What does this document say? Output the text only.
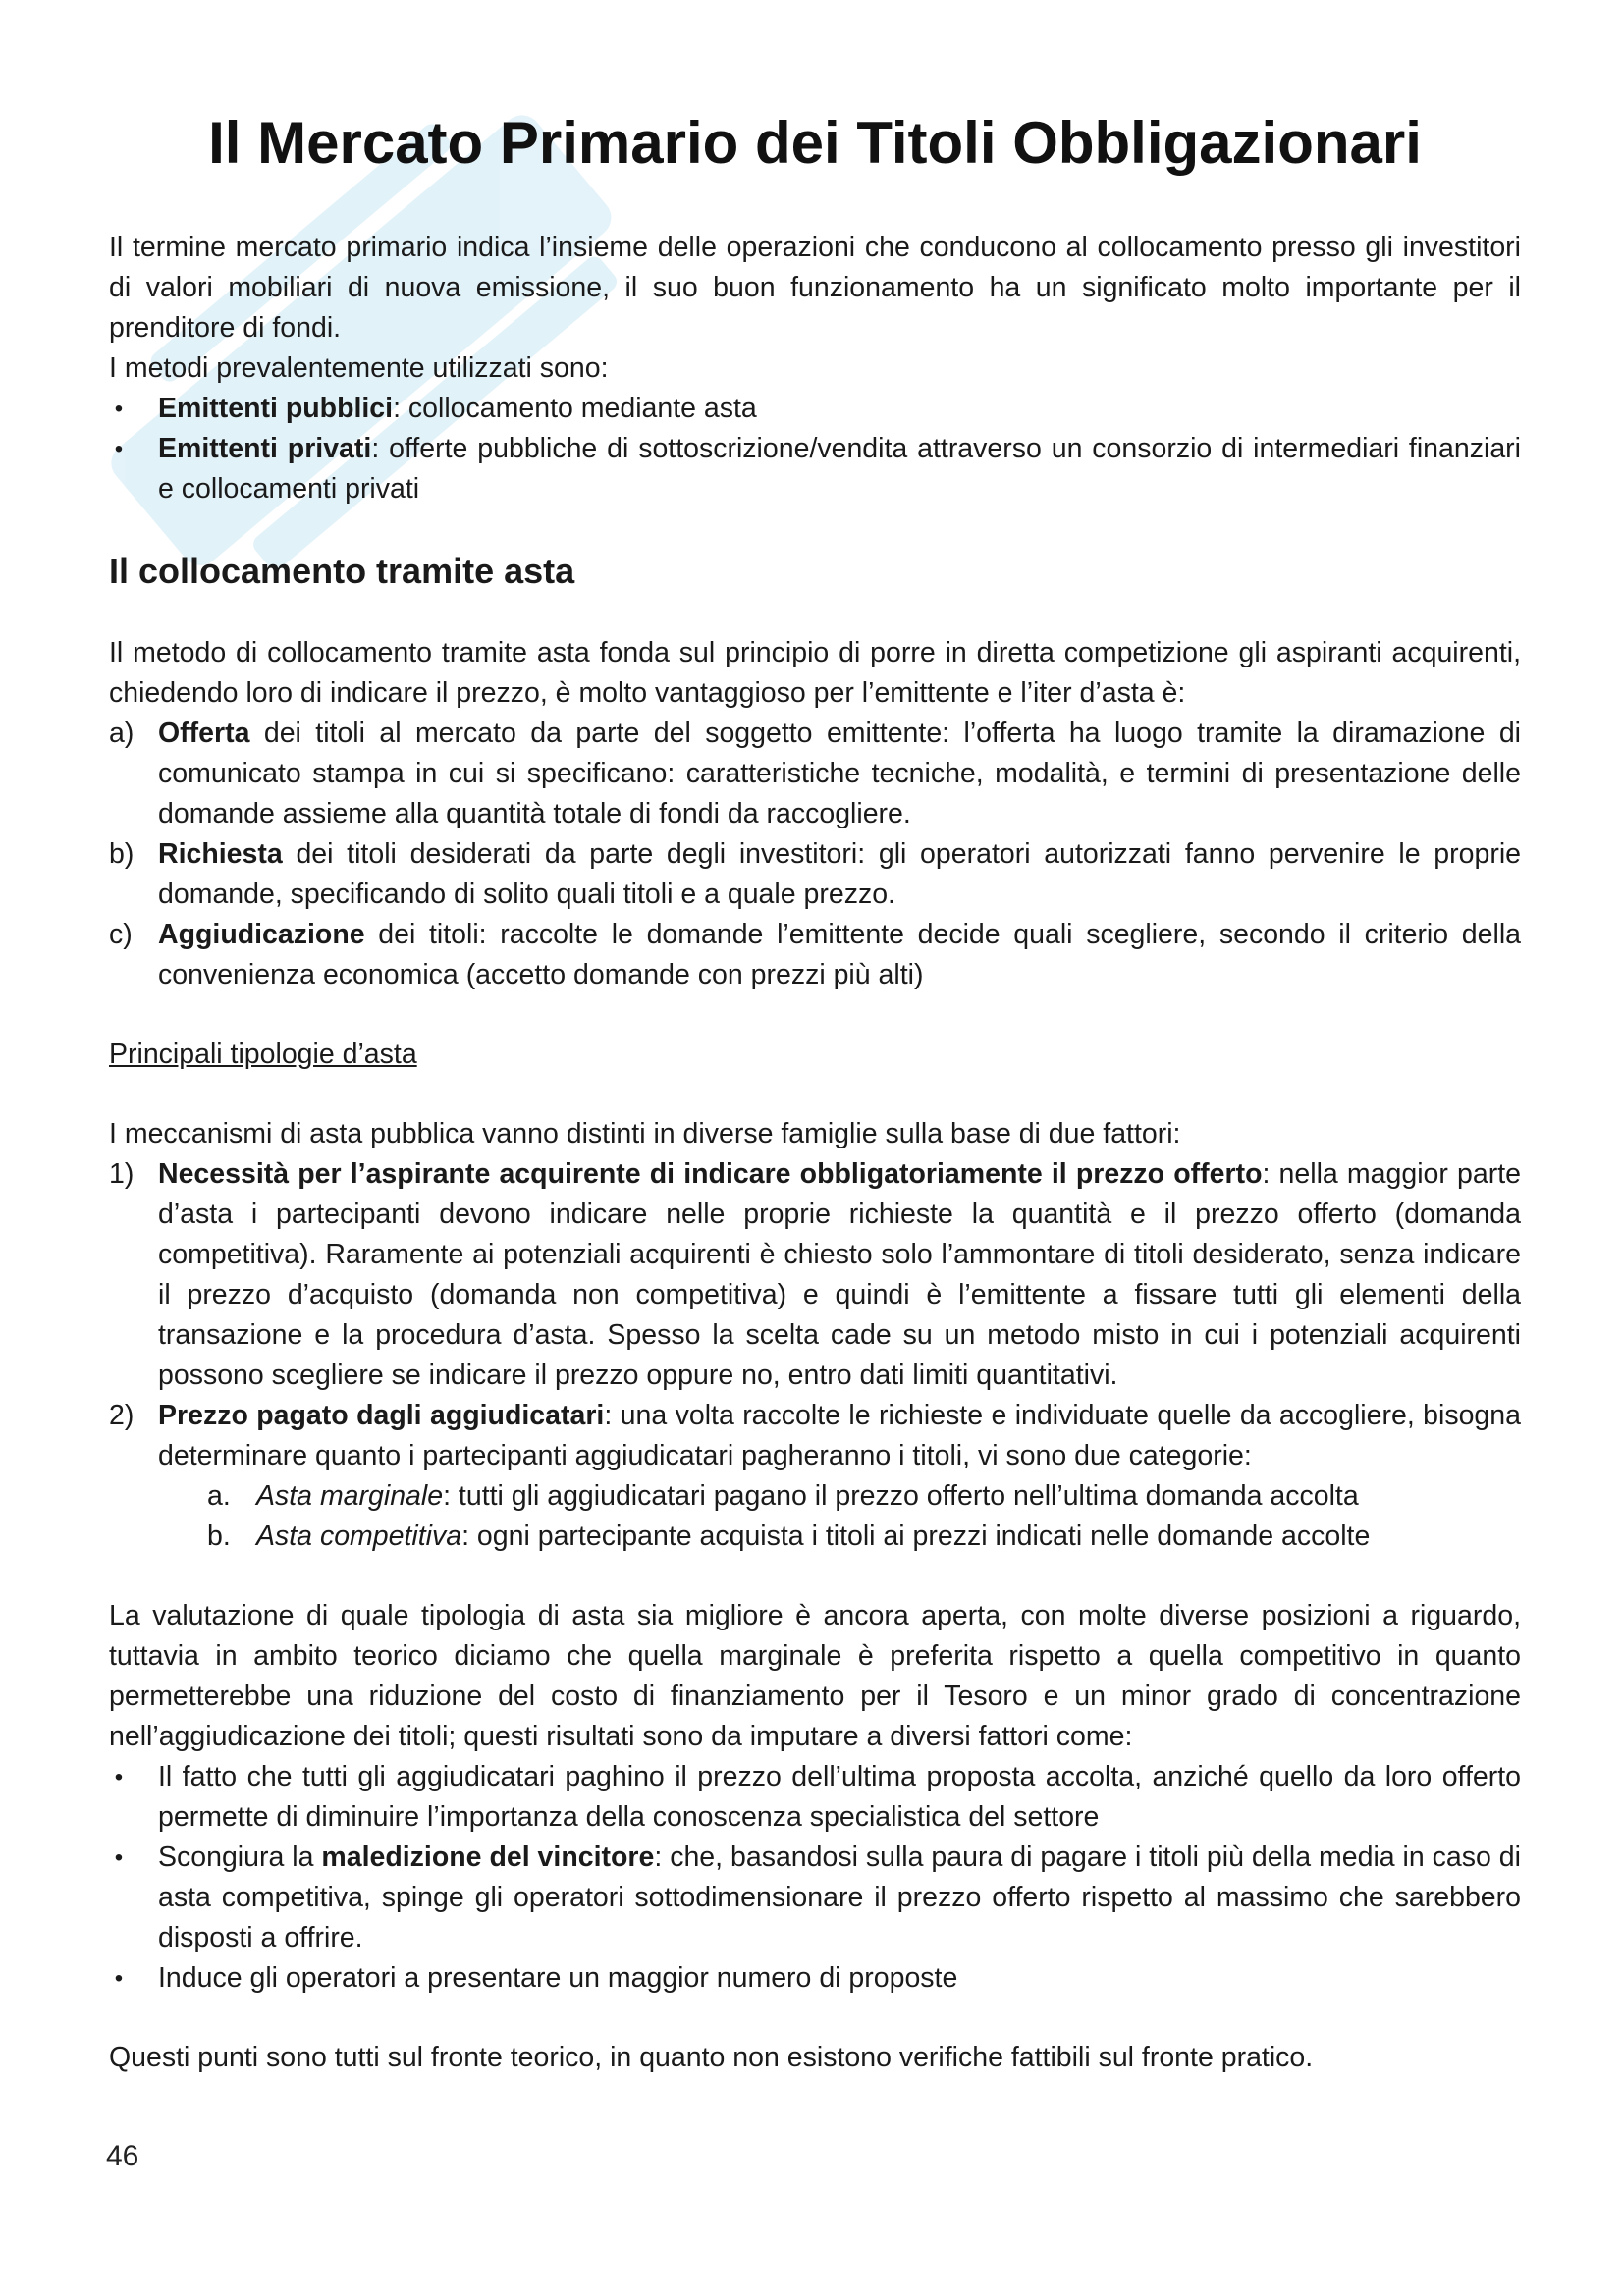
Il Mercato Primario dei Titoli Obbligazionari

Il termine mercato primario indica l’insieme delle operazioni che conducono al collocamento presso gli investitori di valori mobiliari di nuova emissione, il suo buon funzionamento ha un significato molto importante per il prenditore di fondi.

I metodi prevalentemente utilizzati sono:

• Emittenti pubblici: collocamento mediante asta
• Emittenti privati: offerte pubbliche di sottoscrizione/vendita attraverso un consorzio di intermediari finanziari e collocamenti privati
Il collocamento tramite asta

Il metodo di collocamento tramite asta fonda sul principio di porre in diretta competizione gli aspiranti acquirenti, chiedendo loro di indicare il prezzo, è molto vantaggioso per l’emittente e l’iter d’asta è:

a) Offerta dei titoli al mercato da parte del soggetto emittente: l’offerta ha luogo tramite la diramazione di comunicato stampa in cui si specificano: caratteristiche tecniche, modalità, e termini di presentazione delle domande assieme alla quantità totale di fondi da raccogliere.
b) Richiesta dei titoli desiderati da parte degli investitori: gli operatori autorizzati fanno pervenire le proprie domande, specificando di solito quali titoli e a quale prezzo.
c) Aggiudicazione dei titoli: raccolte le domande l’emittente decide quali scegliere, secondo il criterio della convenienza economica (accetto domande con prezzi più alti)

Principali tipologie d’asta

I meccanismi di asta pubblica vanno distinti in diverse famiglie sulla base di due fattori:

1) Necessità per l’aspirante acquirente di indicare obbligatoriamente il prezzo offerto: nella maggior parte d’asta i partecipanti devono indicare nelle proprie richieste la quantità e il prezzo offerto (domanda competitiva). Raramente ai potenziali acquirenti è chiesto solo l’ammontare di titoli desiderato, senza indicare il prezzo d’acquisto (domanda non competitiva) e quindi è l’emittente a fissare tutti gli elementi della transazione e la procedura d’asta. Spesso la scelta cade su un metodo misto in cui i potenziali acquirenti possono scegliere se indicare il prezzo oppure no, entro dati limiti quantitativi.
2) Prezzo pagato dagli aggiudicatari: una volta raccolte le richieste e individuate quelle da accogliere, bisogna determinare quanto i partecipanti aggiudicatari pagheranno i titoli, vi sono due categorie:
a. Asta marginale: tutti gli aggiudicatari pagano il prezzo offerto nell’ultima domanda accolta
b. Asta competitiva: ogni partecipante acquista i titoli ai prezzi indicati nelle domande accolte

La valutazione di quale tipologia di asta sia migliore è ancora aperta, con molte diverse posizioni a riguardo, tuttavia in ambito teorico diciamo che quella marginale è preferita rispetto a quella competitivo in quanto permetterebbe una riduzione del costo di finanziamento per il Tesoro e un minor grado di concentrazione nell’aggiudicazione dei titoli; questi risultati sono da imputare a diversi fattori come:

• Il fatto che tutti gli aggiudicatari paghino il prezzo dell’ultima proposta accolta, anziché quello da loro offerto permette di diminuire l’importanza della conoscenza specialistica del settore
• Scongiura la maledizione del vincitore: che, basandosi sulla paura di pagare i titoli più della media in caso di asta competitiva, spinge gli operatori sottodimensionare il prezzo offerto rispetto al massimo che sarebbero disposti a offrire.
• Induce gli operatori a presentare un maggior numero di proposte

Questi punti sono tutti sul fronte teorico, in quanto non esistono verifiche fattibili sul fronte pratico.

46
